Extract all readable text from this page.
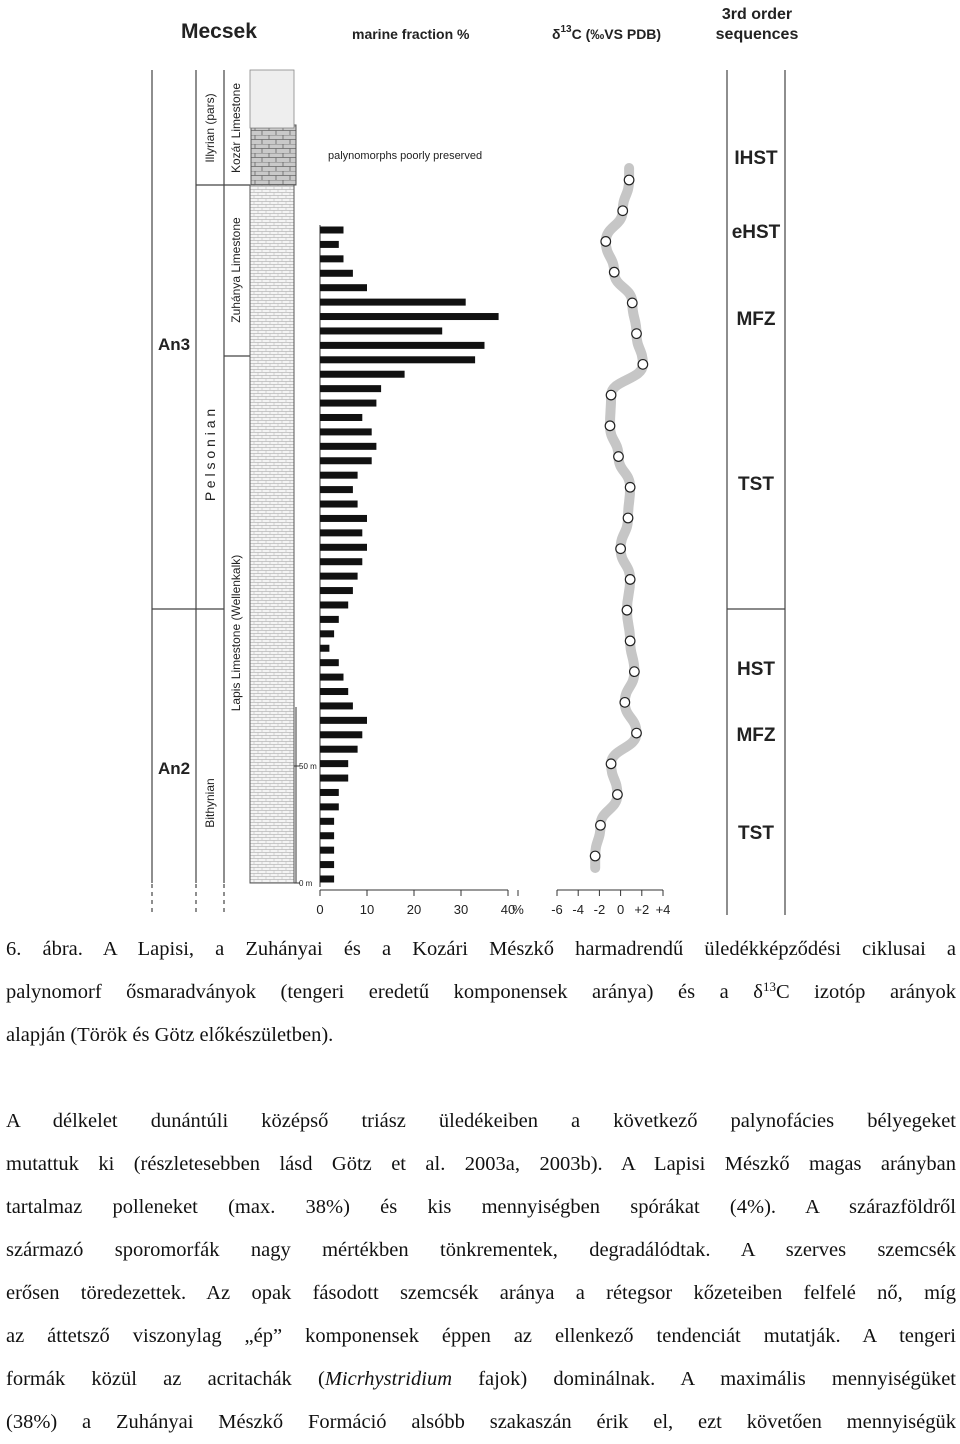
Mecsek	marine fraction %	$\delta^{13}C$ (‰VS PDB)
3rd order
sequences
An3
An2
Illyrian (pars)
P e l s o n i a n
Bithynian
Kozár Limestone
Zuhánya Limestone
Lapis Limestone (Wellenkalk)
50 m
0 m
palynomorphs poorly preserved
0	10	20	30	40
% -6 -4 -2 0 +2 +4
IHST
eHST
MFZ
TST
HST
MFZ
TST

6. ábra. A Lapisi, a Zuhányai és a Kozári Mészkő harmadrendű üledékképződési ciklusai a

palynomorf ősmaradványok (tengeri eredetű komponensek aránya) és a $\delta^{13}C$ izotóp arányok

alapján (Török és Götz előkészületben).

A délkelet dunántúli középső triász üledékeiben a következő palynofácies bélyegeket

mutattuk ki (részletesebben lásd Götz et al. 2003a, 2003b). A Lapisi Mészkő magas arányban

tartalmaz polleneket (max. 38%) és kis mennyiségben spórákat (4%). A szárazföldről

származó sporomorfák nagy mértékben tönkrementek, degradálódtak. A szerves szemcsék

erősen töredezettek. Az opak fásodott szemcsék aránya a rétegsor kőzeteiben felfelé nő, míg

az áttetsző viszonylag „ép” komponensek éppen az ellenkező tendenciát mutatják. A tengeri

formák közül az acritachák (Micrhystridium fajok) dominálnak. A maximális mennyiségüket

(38%) a Zuhányai Mészkő Formáció alsóbb szakaszán érik el, ezt követően mennyiségük
